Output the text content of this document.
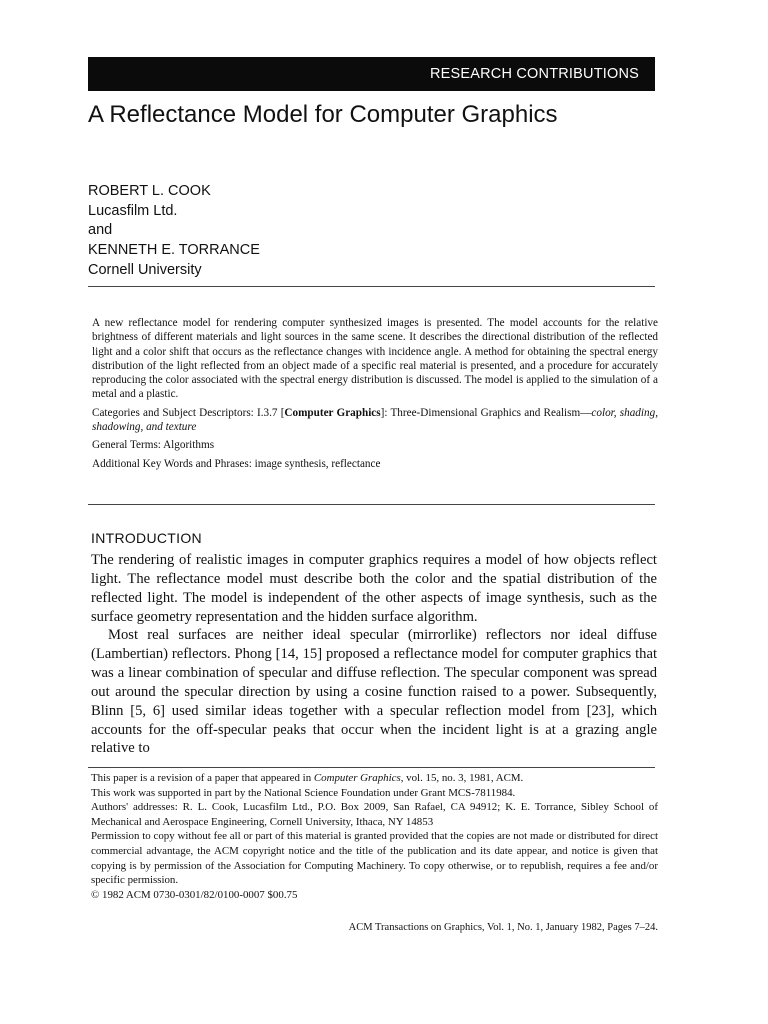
RESEARCH CONTRIBUTIONS
A Reflectance Model for Computer Graphics
ROBERT L. COOK
Lucasfilm Ltd.
and
KENNETH E. TORRANCE
Cornell University

A new reflectance model for rendering computer synthesized images is presented. The model accounts for the relative brightness of different materials and light sources in the same scene. It describes the directional distribution of the reflected light and a color shift that occurs as the reflectance changes with incidence angle. A method for obtaining the spectral energy distribution of the light reflected from an object made of a specific real material is presented, and a procedure for accurately reproducing the color associated with the spectral energy distribution is discussed. The model is applied to the simulation of a metal and a plastic.

Categories and Subject Descriptors: I.3.7 [Computer Graphics]: Three-Dimensional Graphics and Realism—color, shading, shadowing, and texture

General Terms: Algorithms

Additional Key Words and Phrases: image synthesis, reflectance

INTRODUCTION

The rendering of realistic images in computer graphics requires a model of how objects reflect light. The reflectance model must describe both the color and the spatial distribution of the reflected light. The model is independent of the other aspects of image synthesis, such as the surface geometry representation and the hidden surface algorithm.

Most real surfaces are neither ideal specular (mirrorlike) reflectors nor ideal diffuse (Lambertian) reflectors. Phong [14, 15] proposed a reflectance model for computer graphics that was a linear combination of specular and diffuse reflection. The specular component was spread out around the specular direction by using a cosine function raised to a power. Subsequently, Blinn [5, 6] used similar ideas together with a specular reflection model from [23], which accounts for the off-specular peaks that occur when the incident light is at a grazing angle relative to

This paper is a revision of a paper that appeared in Computer Graphics, vol. 15, no. 3, 1981, ACM.

This work was supported in part by the National Science Foundation under Grant MCS-7811984.

Authors' addresses: R. L. Cook, Lucasfilm Ltd., P.O. Box 2009, San Rafael, CA 94912; K. E. Torrance, Sibley School of Mechanical and Aerospace Engineering, Cornell University, Ithaca, NY 14853

Permission to copy without fee all or part of this material is granted provided that the copies are not made or distributed for direct commercial advantage, the ACM copyright notice and the title of the publication and its date appear, and notice is given that copying is by permission of the Association for Computing Machinery. To copy otherwise, or to republish, requires a fee and/or specific permission.

© 1982 ACM 0730-0301/82/0100-0007 $00.75

ACM Transactions on Graphics, Vol. 1, No. 1, January 1982, Pages 7–24.
